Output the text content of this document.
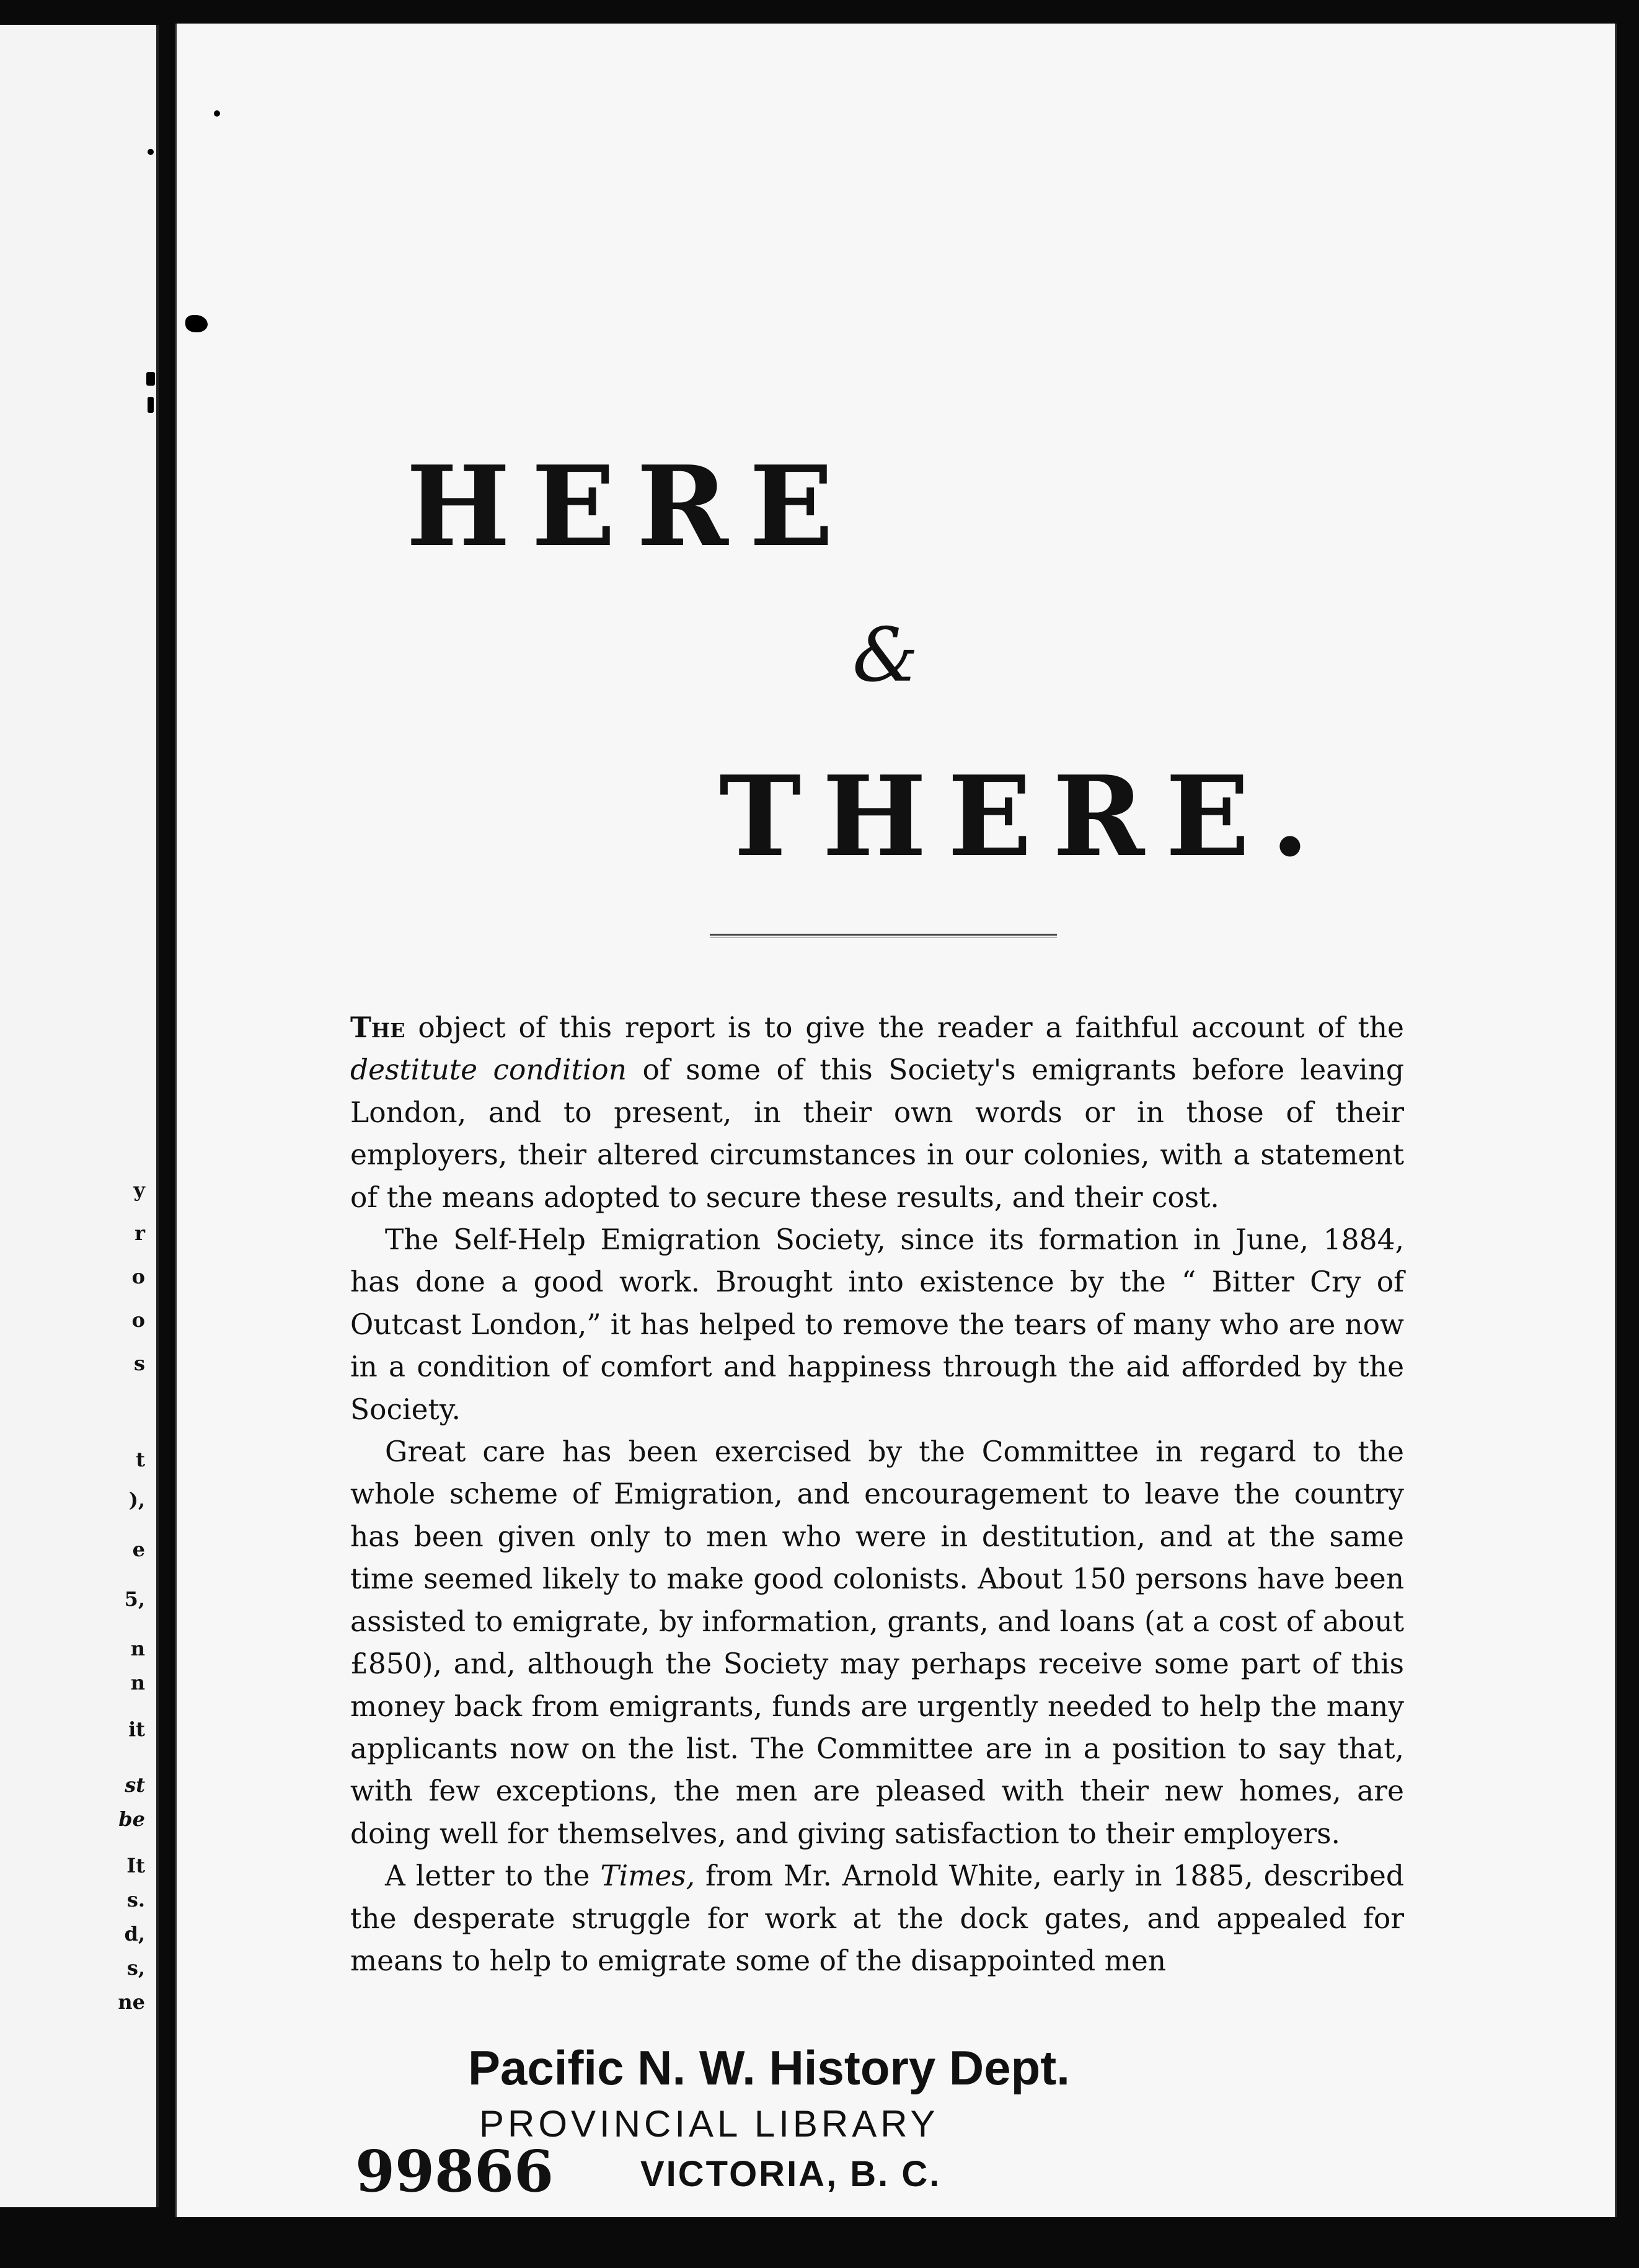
y
r
o
o
s
t
),
e
5,
n
n
it
st
be
It
s.
d,
s,
ne
HERE
&
THERE.

The object of this report is to give the reader a faithful account of the destitute condition of some of this Society's emigrants before leaving London, and to present, in their own words or in those of their employers, their altered circumstances in our colonies, with a statement of the means adopted to secure these results, and their cost.

The Self-Help Emigration Society, since its formation in June, 1884, has done a good work. Brought into existence by the “ Bitter Cry of Outcast London,” it has helped to remove the tears of many who are now in a condition of comfort and happiness through the aid afforded by the Society.

Great care has been exercised by the Committee in regard to the whole scheme of Emigration, and encouragement to leave the country has been given only to men who were in destitution, and at the same time seemed likely to make good colonists. About 150 persons have been assisted to emigrate, by information, grants, and loans (at a cost of about £850), and, although the Society may perhaps receive some part of this money back from emigrants, funds are urgently needed to help the many applicants now on the list. The Committee are in a position to say that, with few exceptions, the men are pleased with their new homes, are doing well for themselves, and giving satisfaction to their employers.

A letter to the Times, from Mr. Arnold White, early in 1885, described the desperate struggle for work at the dock gates, and appealed for means to help to emigrate some of the disappointed men

Pacific N. W. History Dept.
PROVINCIAL LIBRARY
VICTORIA, B. C.
99866
